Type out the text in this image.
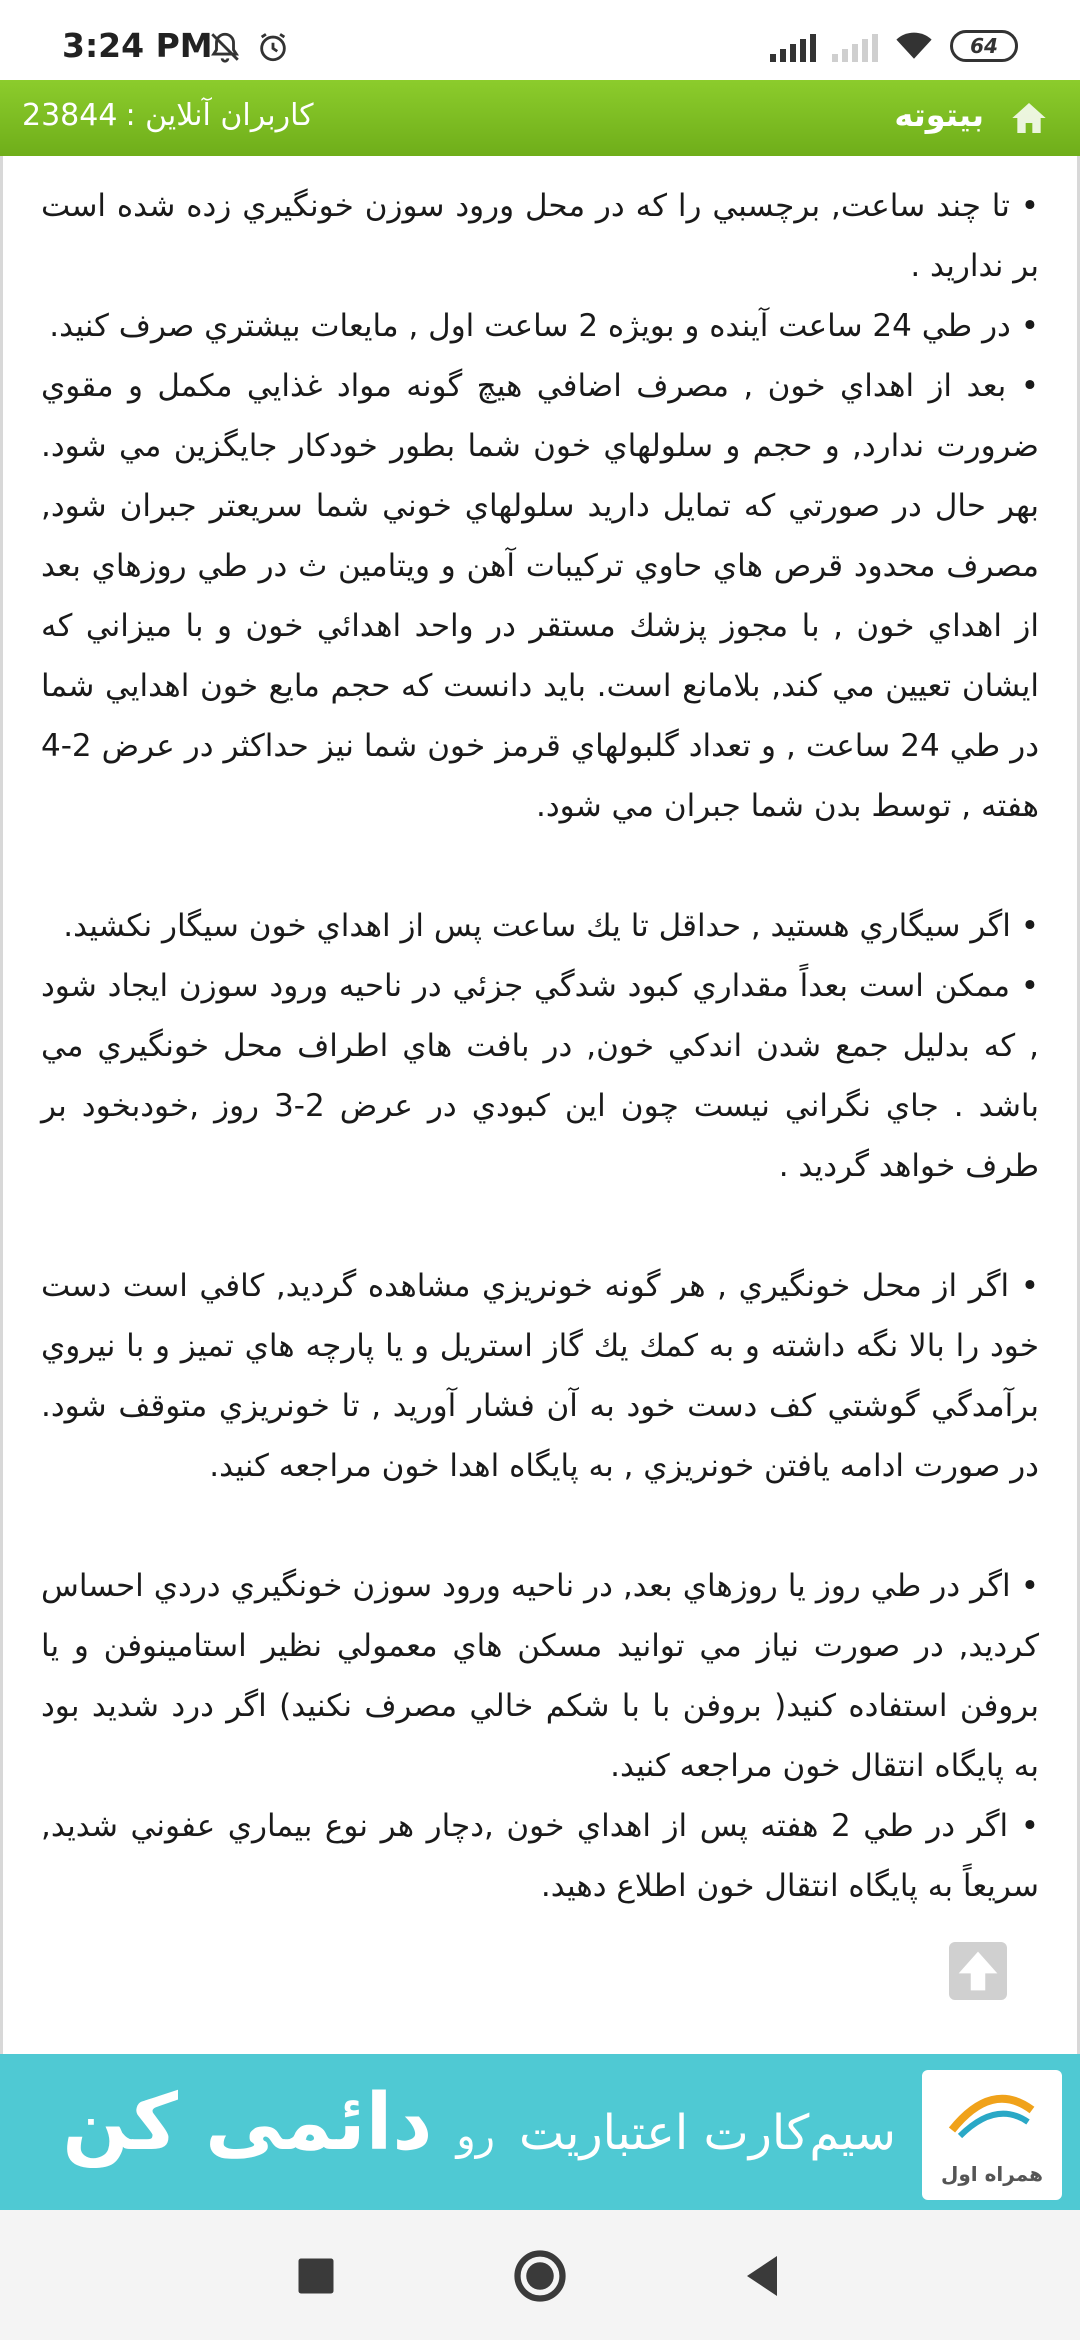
3:24 PM	64
بیتوته
کاربران آنلاین :
23844

• تا چند ساعت, برچسبي را كه در محل ورود سوزن خونگيري زده شده است بر نداريد .

• در طي 24 ساعت آينده و بويژه 2 ساعت اول , مايعات بيشتري صرف كنيد.

• بعد از اهداي خون , مصرف اضافي هيچ گونه مواد غذايي مكمل و مقوي ضرورت ندارد, و حجم و سلولهاي خون شما بطور خودكار جايگزين مي شود. بهر حال در صورتي كه تمايل داريد سلولهاي خوني شما سريعتر جبران شود, مصرف محدود قرص هاي حاوي تركيبات آهن و ويتامين ث در طي روزهاي بعد از اهداي خون , با مجوز پزشك مستقر در واحد اهدائي خون و با ميزاني كه ايشان تعيين مي كند, بلامانع است. بايد دانست كه حجم مايع خون اهدايي شما در طي 24 ساعت , و تعداد گلبولهاي قرمز خون شما نيز حداكثر در عرض 2-4 هفته , توسط بدن شما جبران مي شود.

• اگر سيگاري هستيد , حداقل تا يك ساعت پس از اهداي خون سيگار نكشيد.

• ممكن است بعداً مقداري كبود شدگي جزئي در ناحيه ورود سوزن ايجاد شود , كه بدليل جمع شدن اندكي خون, در بافت هاي اطراف محل خونگيري مي باشد . جاي نگراني نيست چون اين كبودي در عرض 2-3 روز ,خودبخود بر طرف خواهد گرديد .

• اگر از محل خونگيري , هر گونه خونريزي مشاهده گرديد, كافي است دست خود را بالا نگه داشته و به كمك يك گاز استريل و يا پارچه هاي تميز و با نيروي برآمدگي گوشتي كف دست خود به آن فشار آوريد , تا خونريزي متوقف شود. در صورت ادامه يافتن خونريزي , به پايگاه اهدا خون مراجعه كنيد.

• اگر در طي روز يا روزهاي بعد, در ناحيه ورود سوزن خونگيري دردي احساس كرديد, در صورت نياز مي توانيد مسكن هاي معمولي نظير استامينوفن و يا بروفن استفاده كنيد( بروفن با با شكم خالي مصرف نكنيد) اگر درد شديد بود به پايگاه انتقال خون مراجعه كنيد.

• اگر در طي 2 هفته پس از اهداي خون ,دچار هر نوع بيماري عفوني شديد, سريعاً به پايگاه انتقال خون اطلاع دهيد.

سیم‌کارت اعتباریت
رو
دائمی کن
همراه اول
